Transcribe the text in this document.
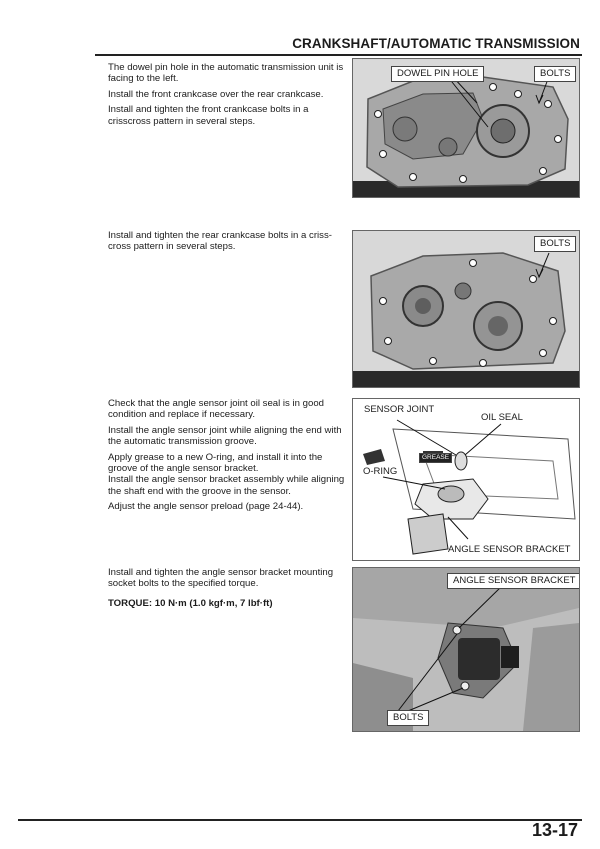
CRANKSHAFT/AUTOMATIC TRANSMISSION

The dowel pin hole in the automatic transmission unit is facing to the left.

Install the front crankcase over the rear crankcase.

Install and tighten the front crankcase bolts in a crisscross pattern in several steps.

DOWEL PIN HOLE	BOLTS

Install and tighten the rear crankcase bolts in a criss-cross pattern in several steps.	BOLTS

Check that the angle sensor joint oil seal is in good condition and replace if necessary.

Install the angle sensor joint while aligning the end with the automatic transmission groove.

Apply grease to a new O-ring, and install it into the groove of the angle sensor bracket.

Install the angle sensor bracket assembly while aligning the shaft end with the groove in the sensor.

Adjust the angle sensor preload (page 24-44).

SENSOR JOINT
OIL SEAL
GREASE
O-RING
ANGLE SENSOR BRACKET

Install and tighten the angle sensor bracket mounting socket bolts to the specified torque.

TORQUE: 10 N·m (1.0 kgf·m, 7 lbf·ft)

ANGLE SENSOR BRACKET
BOLTS
13-17
